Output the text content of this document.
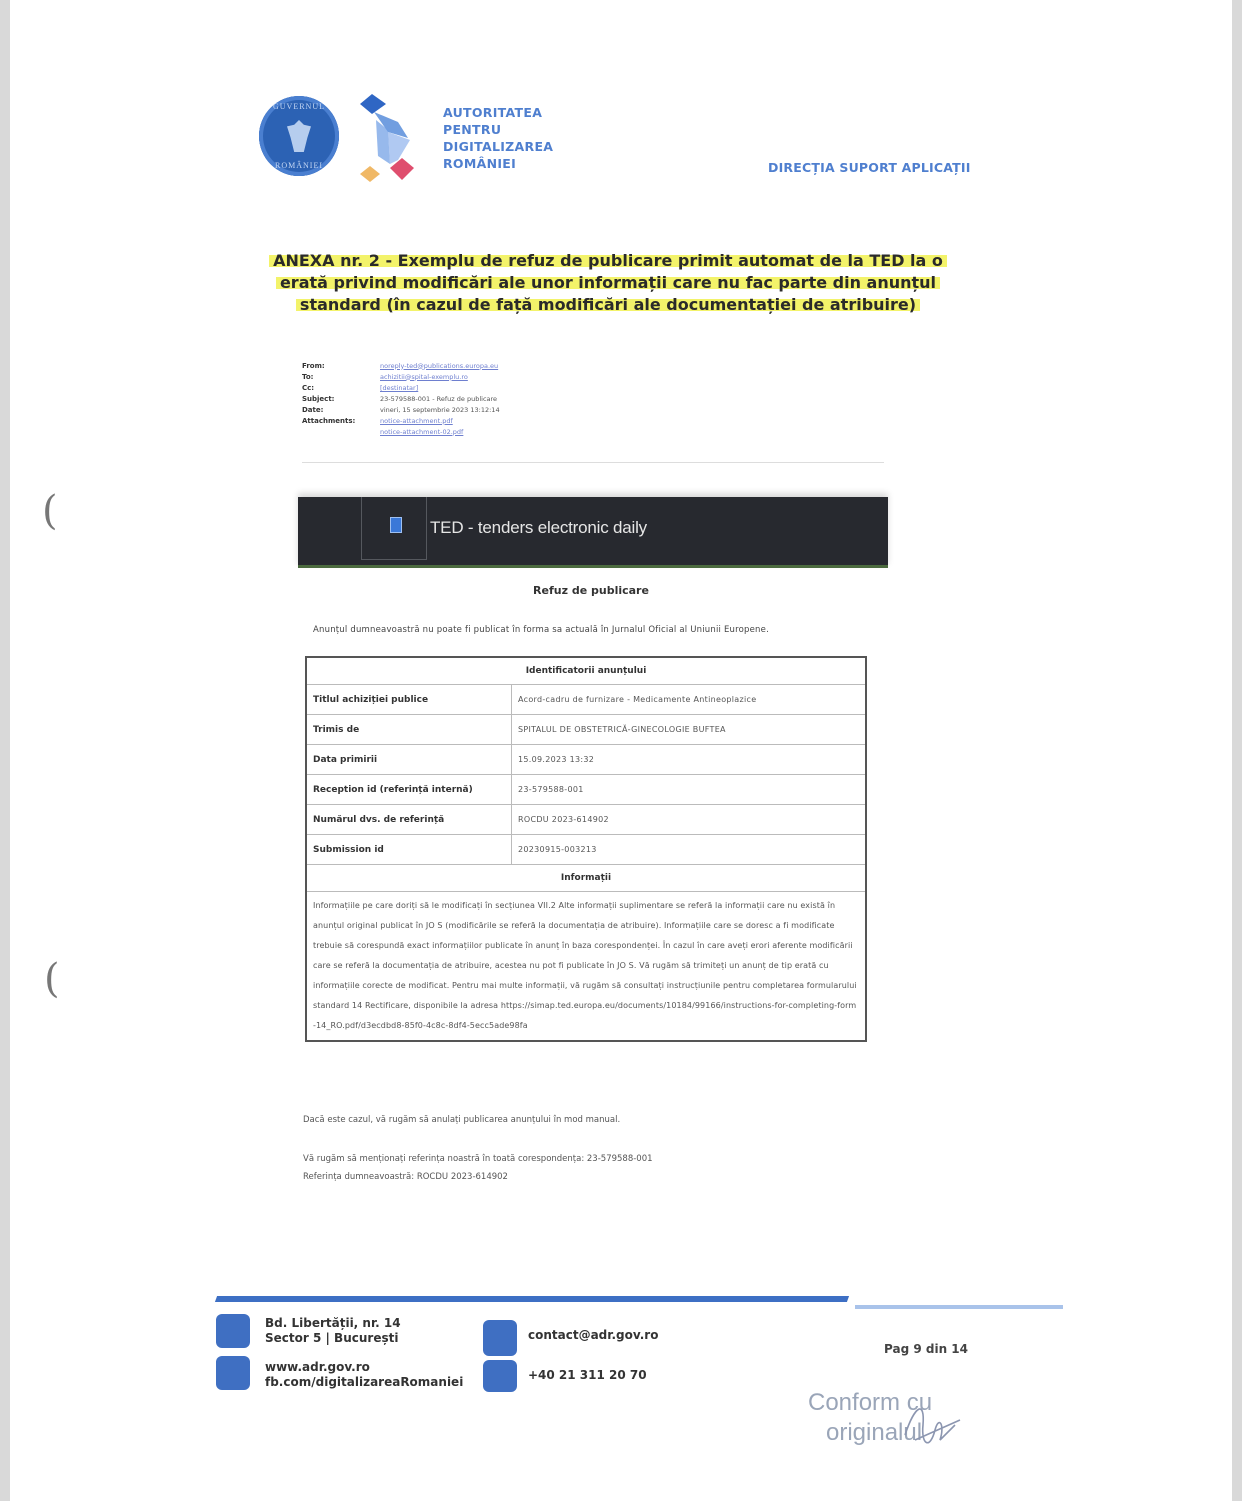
(
(
GUVERNUL
ROMÂNIEI
AUTORITATEA
PENTRU
DIGITALIZAREA
ROMÂNIEI	DIRECȚIA SUPORT APLICAȚII
ANEXA nr. 2 - Exemplu de refuz de publicare primit automat de la TED la o erată privind modificări ale unor informații care nu fac parte din anunțul standard (în cazul de față modificări ale documentației de atribuire)
From:	noreply-ted@publications.europa.eu
To:	achizitii@spital-exemplu.ro
Cc:	[destinatar]
Subject:	23-579588-001 - Refuz de publicare
Date:	vineri, 15 septembrie 2023 13:12:14
Attachments:	notice-attachment.pdf
notice-attachment-02.pdf
TED - tenders electronic daily
Refuz de publicare
Anunțul dumneavoastră nu poate fi publicat în forma sa actuală în Jurnalul Oficial al Uniunii Europene.
Identificatorii anunțului	
Titlul achiziției publice	Acord-cadru de furnizare - Medicamente Antineoplazice
Trimis de	SPITALUL DE OBSTETRICĂ-GINECOLOGIE BUFTEA
Data primirii	15.09.2023 13:32
Reception id (referință internă)	23-579588-001
Numărul dvs. de referință	ROCDU 2023-614902
Submission id	20230915-003213
Informații	
Informațiile pe care doriți să le modificați în secțiunea VII.2 Alte informații suplimentare se referă la informații care nu există în anunțul original publicat în JO S (modificările se referă la documentația de atribuire). Informațiile care se doresc a fi modificate trebuie să corespundă exact informațiilor publicate în anunț în baza corespondenței. În cazul în care aveți erori aferente modificării care se referă la documentația de atribuire, acestea nu pot fi publicate în JO S. Vă rugăm să trimiteți un anunț de tip erată cu informațiile corecte de modificat. Pentru mai multe informații, vă rugăm să consultați instrucțiunile pentru completarea formularului standard 14 Rectificare, disponibile la adresa https://simap.ted.europa.eu/documents/10184/99166/instructions-for-completing-form-14_RO.pdf/d3ecdbd8-85f0-4c8c-8df4-5ecc5ade98fa	
Dacă este cazul, vă rugăm să anulați publicarea anunțului în mod manual.
Vă rugăm să menționați referința noastră în toată corespondența: 23-579588-001
Referința dumneavoastră: ROCDU 2023-614902
Bd. Libertății, nr. 14
Sector 5 | București
www.adr.gov.ro
fb.com/digitalizareaRomaniei
contact@adr.gov.ro
+40 21 311 20 70
Pag 9 din 14
Conform cu
originalul
